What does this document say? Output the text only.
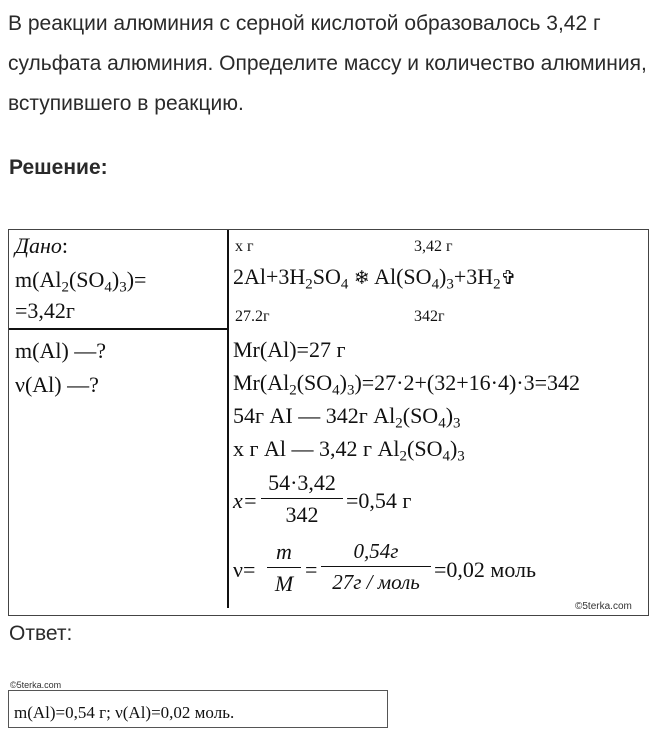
В реакции алюминия с серной кислотой образовалось 3,42 г сульфата алюминия. Определите массу и количество алюминия, вступившего в реакцию.
Решение:
Дано:
$m(Al_2(SO_4)_3)=$
=3,42г
m(Al) —?
ν(Al) —?
х г	3,42 г
$2Al+3H_2SO_4$ ❄ $Al(SO_4)_3+3H_2✞$
27.2г	342г
Mr(Al)=27 г
$Mr(Al_2(SO_4)_3)=27\cdot 2+(32+16\cdot 4)\cdot 3=342$
54г AI — 342г $Al_2(SO_4)_3$
х г Al — 3,42 г $Al_2(SO_4)_3$
x=
54·3,42
342
=0,54 г
ν=
m
M
=
0,54г
27г / моль =0,02 моль
©5terka.com
Ответ:
©5terka.com
m(Al)=0,54 г; ν(Al)=0,02 моль.
